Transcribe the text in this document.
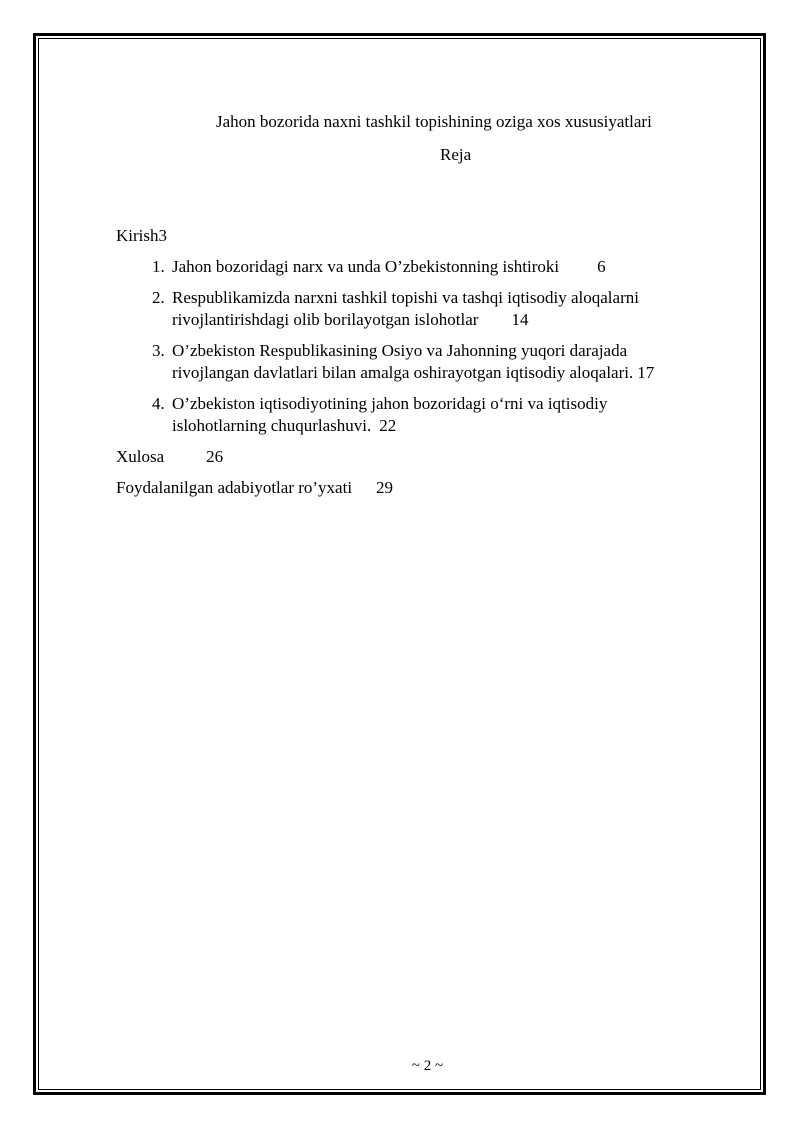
Jahon bozorida naxni tashkil topishining oziga xos xususiyatlari
Reja
Kirish3
1. Jahon bozoridagi narx va unda O’zbekistonning ishtiroki 6
2. Respublikamizda narxni tashkil topishi va tashqi iqtisodiy aloqalarni
rivojlantirishdagi olib borilayotgan islohotlar 14
3. O’zbekiston Respublikasining Osiyo va Jahonning yuqori darajada
rivojlangan davlatlari bilan amalga oshirayotgan iqtisodiy aloqalari. 17
4. O’zbekiston iqtisodiyotining jahon bozoridagi o‘rni va iqtisodiy
islohotlarning chuqurlashuvi. 22
Xulosa 26
Foydalanilgan adabiyotlar ro’yxati 29
~ 2 ~
